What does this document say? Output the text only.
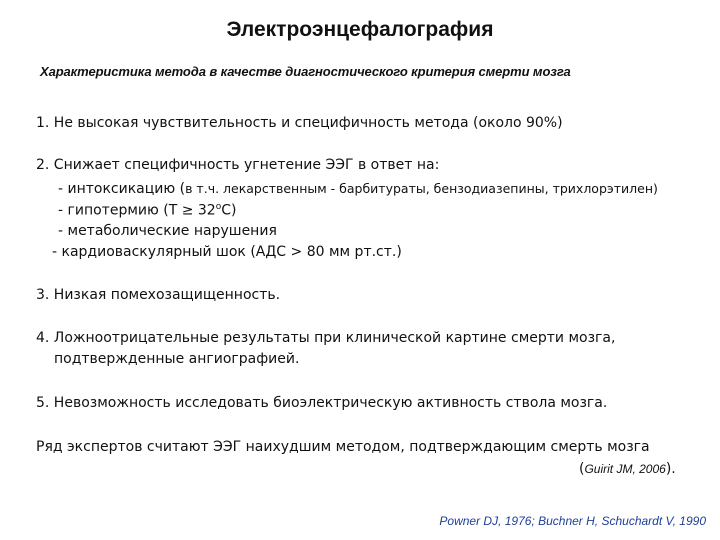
Электроэнцефалография
Характеристика метода в качестве диагностического критерия смерти мозга
1. Не высокая чувствительность и специфичность метода (около 90%)
2. Снижает специфичность угнетение ЭЭГ в ответ на:
- интоксикацию (в т.ч. лекарственным - барбитураты, бензодиазепины, трихлорэтилен)
- гипотермию $(Т \ge 32^оС)$
- метаболические нарушения
- кардиоваскулярный шок (АДС > 80 мм рт.ст.)
3. Низкая помехозащищенность.
4. Ложноотрицательные результаты при клинической картине смерти мозга,
подтвержденные ангиографией.
5. Невозможность исследовать биоэлектрическую активность ствола мозга.
Ряд экспертов считают ЭЭГ наихудшим методом, подтверждающим смерть мозга
(Guirit JM, 2006).
Powner DJ, 1976; Buchner H, Schuchardt V, 1990
